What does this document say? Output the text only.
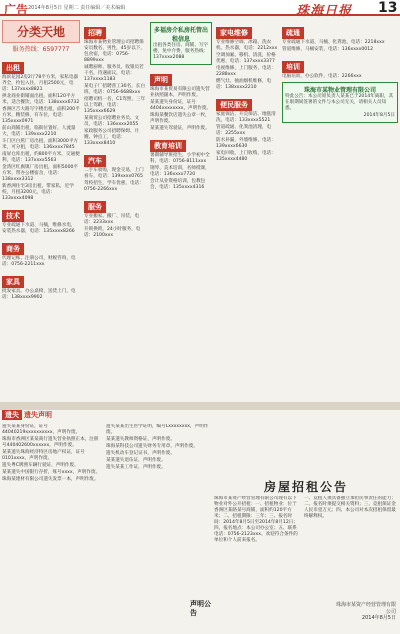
广告 2014年8月5日 星期二 责任编辑／美术编辑	珠海日报 13
分类天地
服务热线：6597777
出租
海滨花园2房2厅78平方米，家私电器齐全，拎包入住，月租2500元，电话：137xxxx8821
拱北商业街铺面出租，面积120平方米，适合餐饮，电话：138xxxx6732
香洲区吉大路写字楼出租，面积200平方米，精装修，有车位，电话：135xxxx0971
前山商铺出租，临街位置好，人流量大，电话：139xxxx2210
斗门区白蕉厂房出租，面积3000平方米，可分租，电话：136xxxx7845
南屏仓库出租，约800平方米，交通便利，电话：137xxxx5563
金湾区红旗镇厂房出租，面积5000平方米，带办公楼宿舍，电话：138xxxx3312
新香洲住宅3房出租，带家私，近学校，月租3200元，电话：133xxxx4098
技术
专业疏通下水道、马桶，维修水电，安装热水器，电话：135xxxx8266
商务
代理记账、注册公司，财税咨询，电话：0756-2211xxx
家具
批发家具、办公桌椅，送货上门，电话：138xxxx9902
招聘
珠海市某物业管理公司招聘保安员数名，男性，45岁以下，包食宿，电话：0756-8899xxx
诚聘厨师、服务员、收银员若干名，待遇面议，电话：137xxxx1183
某电子厂招聘普工30名，长白班，电话：0756-6688xxx
招聘司机一名，C1驾照，三年以上驾龄，电话：135xxxx6629
某商贸公司招聘业务员、文员，电话：136xxxx2055
家政服务公司招聘保姆、月嫂、钟点工，电话：133xxxx8410
汽车
二手车收购，现金交易，上门看车，电话：139xxxx0765
驾校招生，学车优惠，电话：0756-2266xxx
服务
专业搬家、搬厂、吊装，电话：2233xxx
开锁换锁，24小时服务，电话：2100xxx
多福房介私房托管出租信息
出租各类住房、商铺、写字楼，免中介费，服务热线：137xxxx2088
声明
珠海市某贸易有限公司遗失营业执照副本，声明作废。
某某遗失身份证，证号4404xxxxxxxx，声明作废。
珠海某餐饮店遗失公章一枚，声明作废。
某某遗失驾驶证，声明作废。
教育培训
暑期辅导班招生，小学初中全科，电话：0756-8111xxx
钢琴、美术培训，名师授课，电话：136xxxx7720
会计从业资格培训，包教包会，电话：135xxxx4316
家电维修
专业维修空调、冰箱、洗衣机、热水器，电话：2212xxx
空调加氟、移机、清洗，价格优惠，电话：137xxxx3377
电视维修，上门服务，电话：2288xxx
燃气灶、抽油烟机维修，电话：138xxxx2210
便民服务
家庭保洁、开荒保洁、地毯清洗，电话：133xxxx5521
管道疏通、化粪池清理，电话：2255xxx
防水补漏，外墙维修，电话：139xxxx6630
家电回收，上门收购，电话：135xxxx4480
疏通
专业疏通下水道、马桶、化粪池，电话：2218xxx
管道维修，马桶安装，电话：136xxxx0012
培训
电脑培训，办公软件，电话：2266xxx
珠海市某物业管理有限公司
特此公告：本公司原负责人某某已于2014年离职，其在职期间签署的文件与本公司无关，请相关人员知悉。
2014年8月5日
遗失 遗失声明
遗失某某身份证，证号44040219xxxxxxxxxx，声明作废。
珠海市香洲区某某商行遗失营业执照正本，注册号440402600xxxxxx，声明作废。
某某遗失珠海经济特区房地产权证，证号0101xxxx，声明作废。
遗失粤C牌照车辆行驶证，声明作废。
某某遗失中国银行存折，账号xxxx，声明作废。
珠海某建材有限公司遗失发票一本，声明作废。
遗失某某出生医学证明，编号Lxxxxxxxx，声明作废。
某某遗失教师资格证，声明作废。
珠海某科技公司遗失财务专用章，声明作废。
遗失机动车登记证书，声明作废。
某某遗失退伍证，声明作废。
遗失某某工作证，声明作废。
房屋招租公告
珠海市某资产经营管理有限公司现有以下物业对外公开招租：一、招租物业：位于香洲区某路某号商铺，面积约120平方米；二、招租期限：三年；三、报名时间：2014年8月5日至2014年8月12日；四、报名地点：本公司办公室；五、联系电话：0756-2123xxx。欢迎符合条件的单位和个人前来报名。
一、竞租人须具备独立承担民事责任的能力；二、报名时须提交相关资料；三、竞租保证金人民币壹万元；四、本公司对本次招租保留最终解释权。
声明公告
珠海市某资产经营管理有限公司
2014年8月5日
